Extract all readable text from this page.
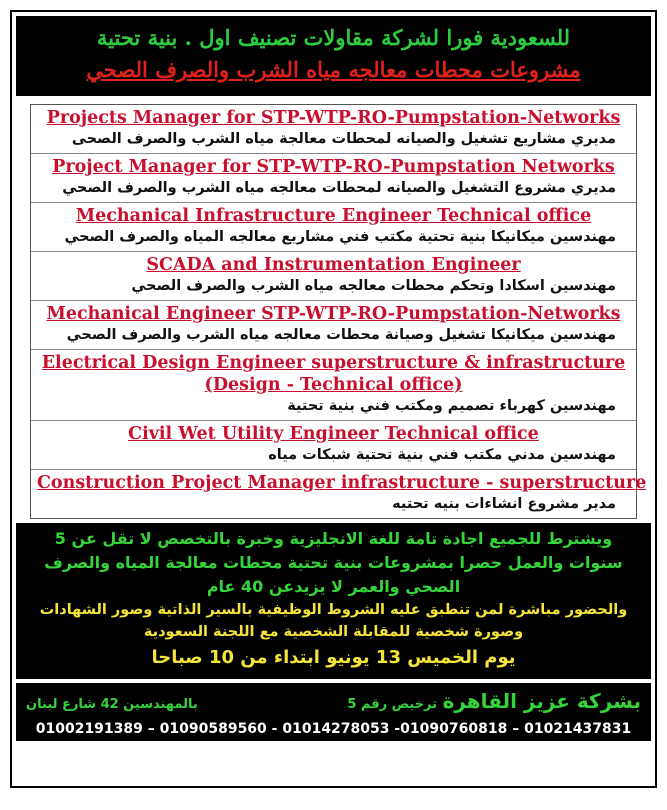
للسعودية فورا لشركة مقاولات تصنيف اول . بنية تحتية
مشروعات محطات معالجه مياه الشرب والصرف الصحي
Projects Manager for STP-WTP-RO-Pumpstation-Networks
مديري مشاريع تشغيل والصيانه لمحطات معالجة مياه الشرب والصرف الصحى
Project Manager for STP-WTP-RO-Pumpstation Networks
مديري مشروع التشغيل والصيانه لمحطات معالجه مياه الشرب والصرف الصحي
Mechanical Infrastructure Engineer Technical office
مهندسين ميكانيكا بنية تحتية مكتب فني مشاريع معالجه المياه والصرف الصحي
SCADA and Instrumentation Engineer
مهندسين اسكادا وتحكم محطات معالجه مياه الشرب والصرف الصحي
Mechanical Engineer STP-WTP-RO-Pumpstation-Networks
مهندسين ميكانيكا تشغيل وصيانة محطات معالجه مياه الشرب والصرف الصحي
Electrical Design Engineer superstructure & infrastructure
(Design - Technical office)
مهندسين كهرباء تصميم ومكتب فني بنية تحتية
Civil Wet Utility Engineer Technical office
مهندسين مدني مكتب فني بنية تحتية شبكات مياه
Construction Project Manager infrastructure - superstructure
مدير مشروع انشاءات بنيه تحتيه
ويشترط للجميع اجادة تامة للغة الانجليزية وخبرة بالتخصص لا تقل عن 5 سنوات والعمل حصرا بمشروعات بنية تحتية محطات معالجة المياه والصرف الصحي والعمر لا يزيدعن 40 عام
والحضور مباشرة لمن تنطبق عليه الشروط الوظيفية بالسير الذاتية وصور الشهادات وصورة شخصية للمقابلة الشخصية مع اللجنة السعودية
يوم الخميس 13 يونيو ابتداء من 10 صباحا
بشركة عزيز القاهرة ترخيص رقم 5
بالمهندسين 42 شارع لبنان
01002191389 – 01090589560 - 01014278053 -01090760818 – 01021437831
